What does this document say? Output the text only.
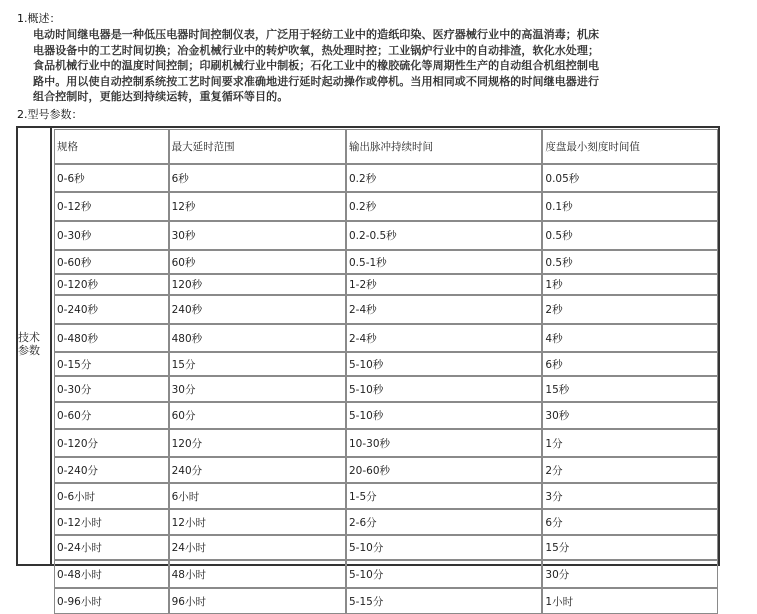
1.概述：
电动时间继电器是一种低压电器时间控制仪表，广泛用于轻纺工业中的造纸印染、医疗器械行业中的高温消毒；机床
电器设备中的工艺时间切换；冶金机械行业中的转炉吹氧，热处理时控；工业锅炉行业中的自动排渣，软化水处理；
食品机械行业中的温度时间控制；印刷机械行业中制板；石化工业中的橡胶硫化等周期性生产的自动组合机组控制电
路中。用以使自动控制系统按工艺时间要求准确地进行延时起动操作或停机。当用相同或不同规格的时间继电器进行
组合控制时，更能达到持续运转，重复循环等目的。
2.型号参数：
技术
参数
规格	最大延时范围	输出脉冲持续时间	度盘最小刻度时间值
0-6秒	6秒	0.2秒	0.05秒
0-12秒	12秒	0.2秒	0.1秒
0-30秒	30秒	0.2-0.5秒	0.5秒
0-60秒	60秒	0.5-1秒	0.5秒
0-120秒	120秒	1-2秒	1秒
0-240秒	240秒	2-4秒	2秒
0-480秒	480秒	2-4秒	4秒
0-15分	15分	5-10秒	6秒
0-30分	30分	5-10秒	15秒
0-60分	60分	5-10秒	30秒
0-120分	120分	10-30秒	1分
0-240分	240分	20-60秒	2分
0-6小时	6小时	1-5分	3分
0-12小时	12小时	2-6分	6分
0-24小时	24小时	5-10分	15分
0-48小时	48小时	5-10分	30分
0-96小时	96小时	5-15分	1小时
